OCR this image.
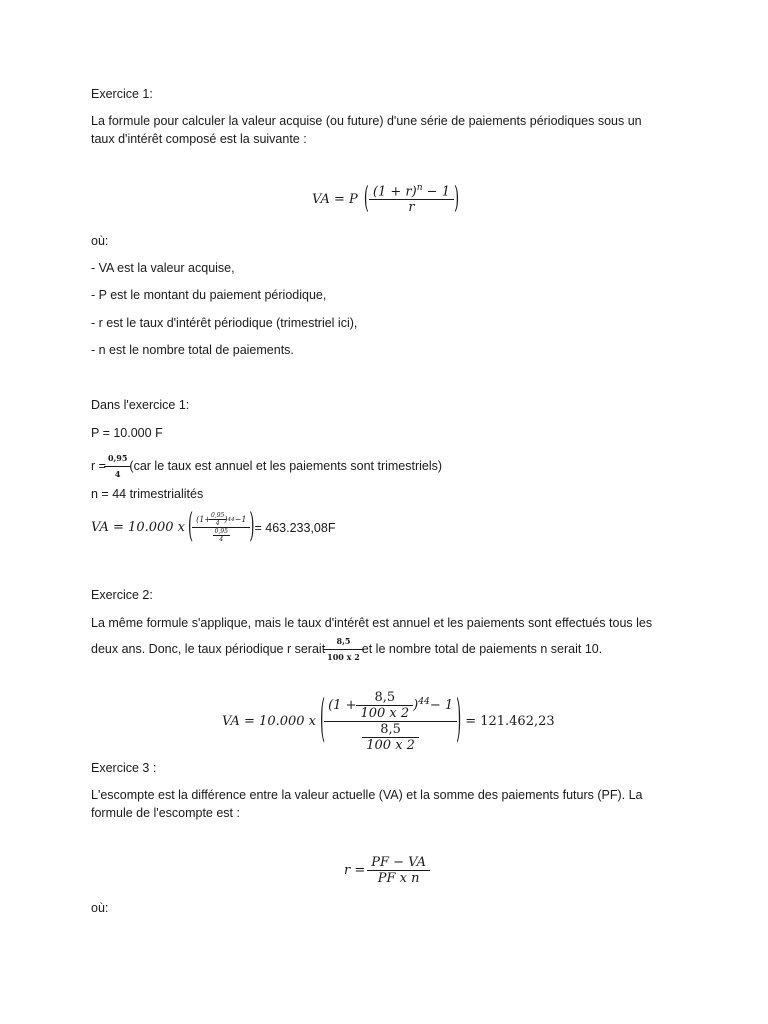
Exercice 1:
La formule pour calculer la valeur acquise (ou future) d'une série de paiements périodiques sous un
taux d'intérêt composé est la suivante :
VA = P ( $\frac{(1 + r)^n - 1}{r}$ )
où:
- VA est la valeur acquise,
- P est le montant du paiement périodique,
- r est le taux d'intérêt périodique (trimestriel ici),
- n est le nombre total de paiements.
Dans l'exercice 1:
P = 10.000 F
$r = \frac{0,95}{4} (car$ le taux est annuel et les paiements sont trimestriels)
n = 44 trimestrialités
VA = 10.000 x ( ($1+ \frac{0,95}{4}$ ) 44 −1
$\frac{0,95}{4}$ ) = 463.233,08F
Exercice 2:
La même formule s'applique, mais le taux d'intérêt est annuel et les paiements sont effectués tous les
deux ans. Donc, le taux périodique r serait $\frac{8,5}{100 x 2}$ et le nombre total de paiements n serait 10.
VA = 10.000 x ( ($1 + \frac{8,5}{100 x 2}$ ) 44 − 1
$\frac{8,5}{100 x 2}$	) = 121.462,23
Exercice 3 :
L'escompte est la différence entre la valeur actuelle (VA) et la somme des paiements futurs (PF). La
formule de l'escompte est :
$r = \frac{PF - VA}{\text{PF x n}}$
où:
